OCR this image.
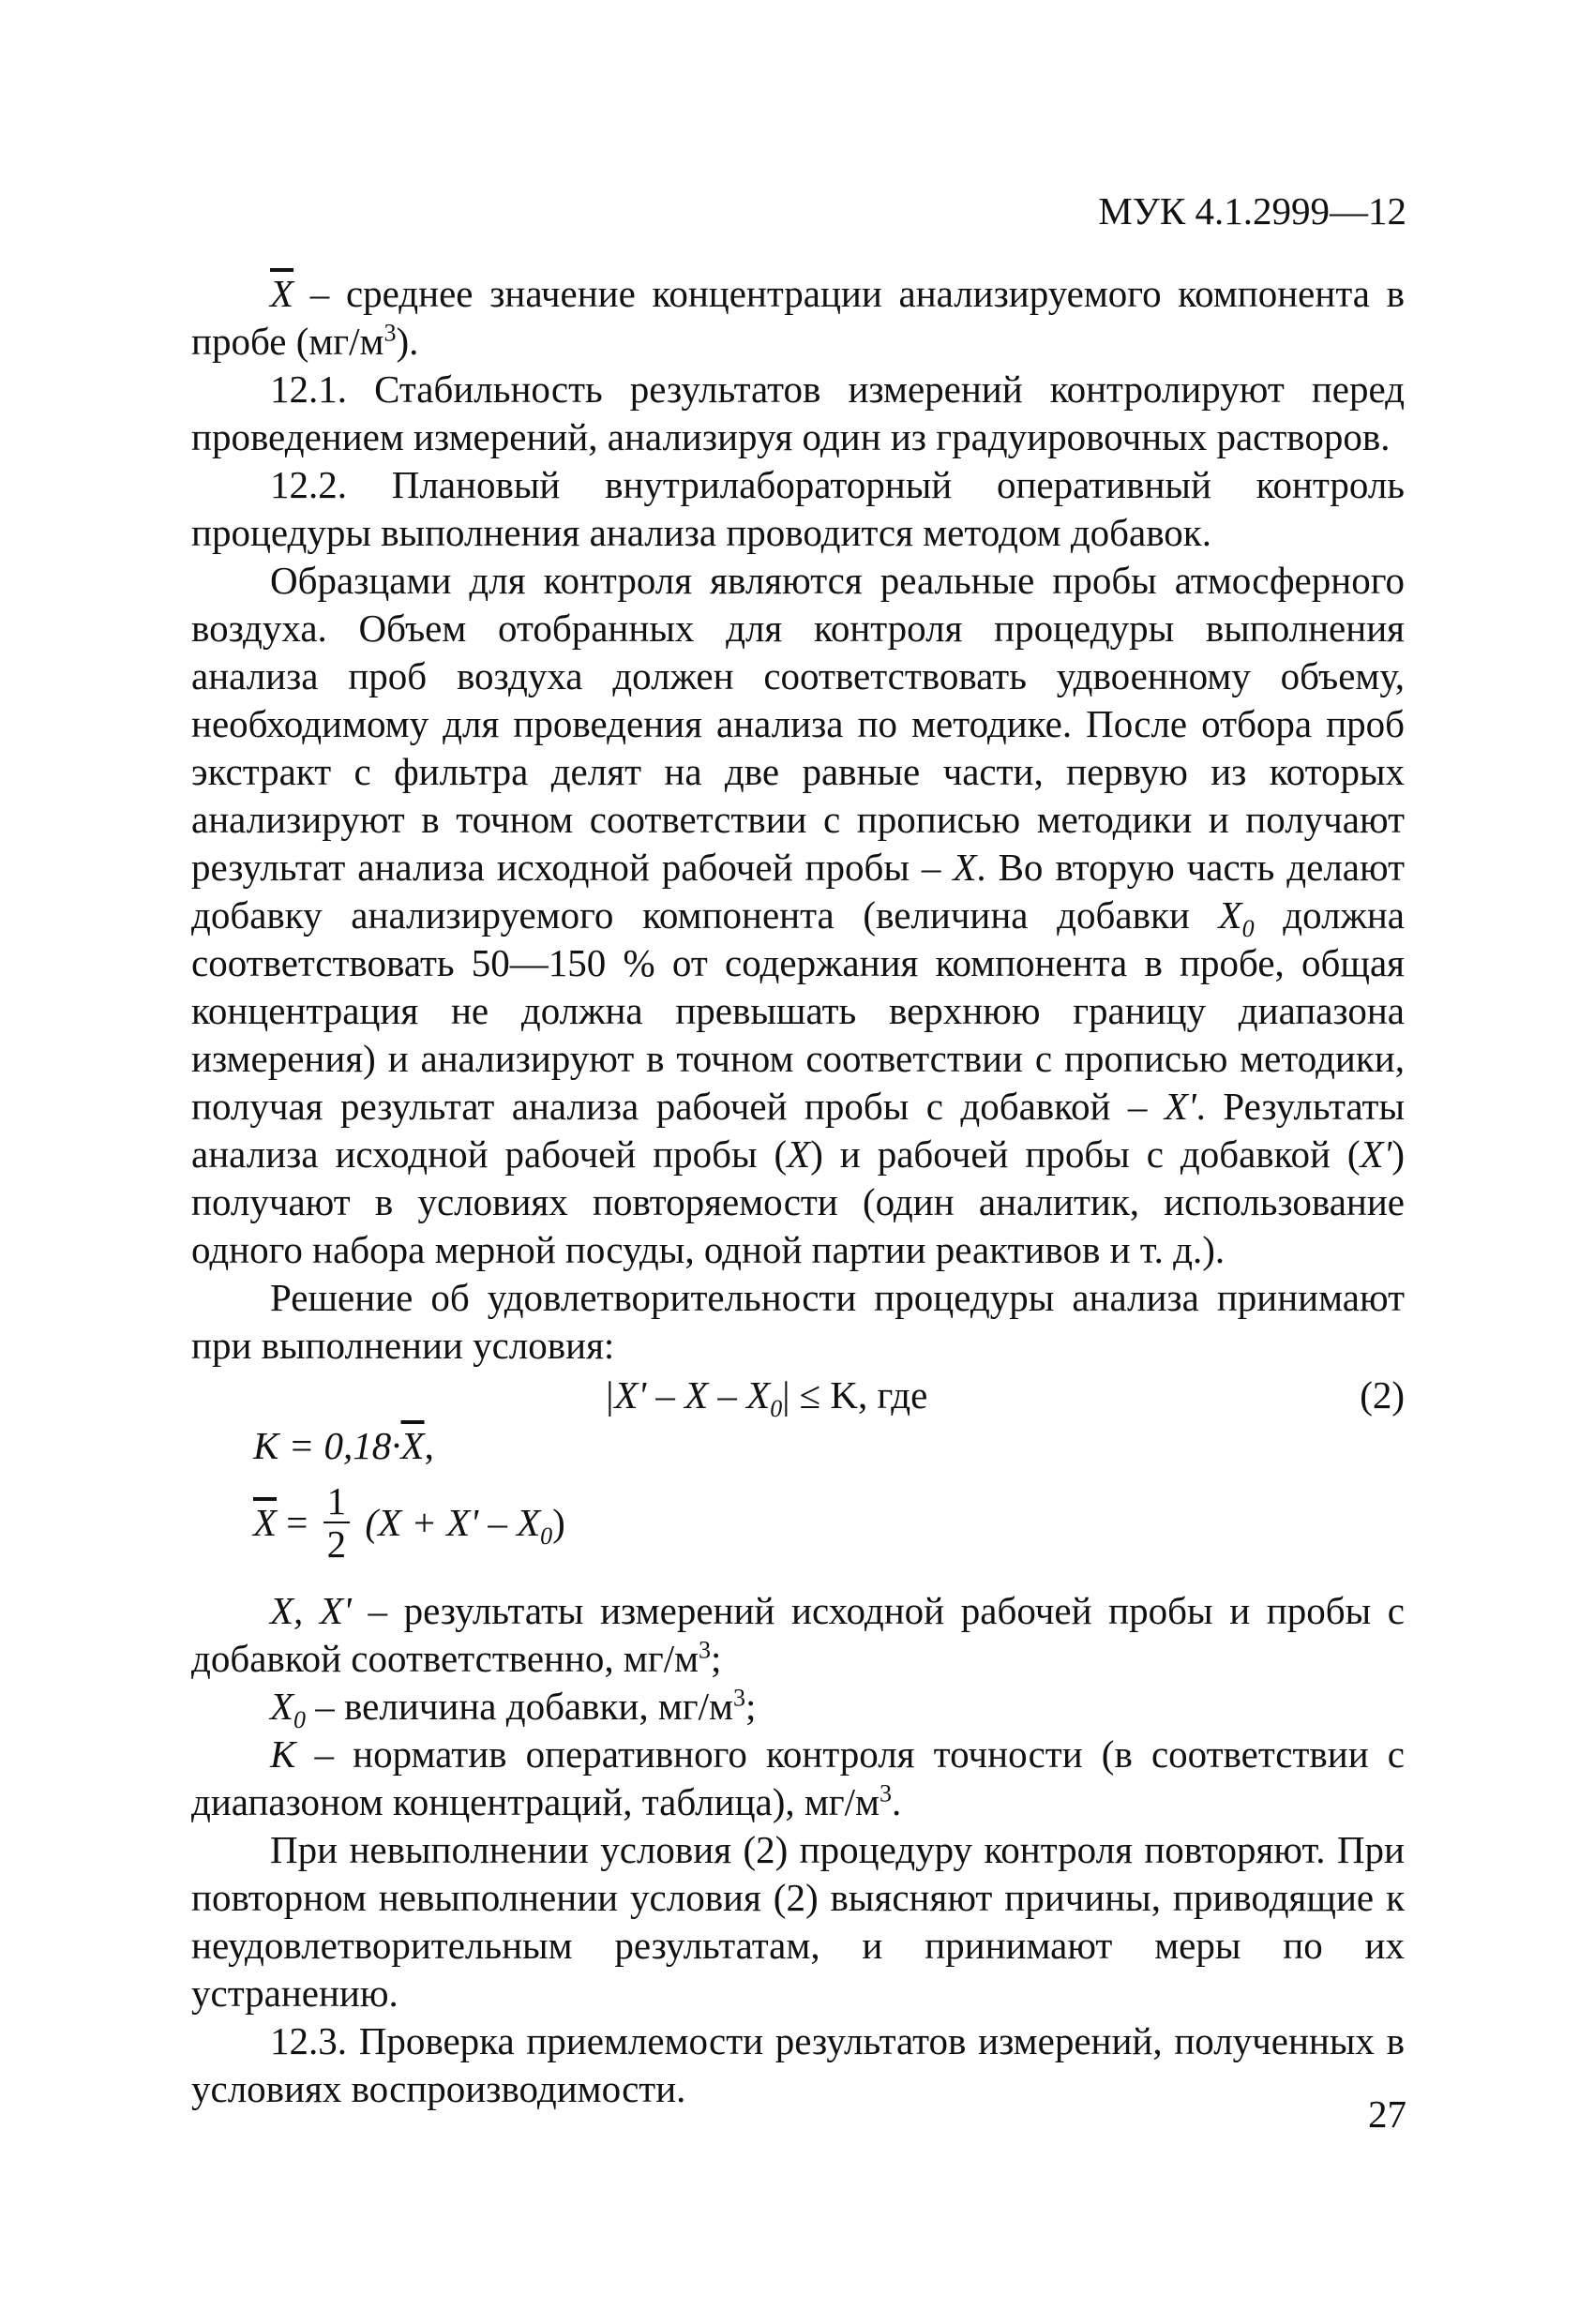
МУК 4.1.2999—12

$\overline{X}$ – среднее значение концентрации анализируемого компонента в пробе $(мг/м^3)$.

12.1. Стабильность результатов измерений контролируют перед проведением измерений, анализируя один из градуировочных растворов.

12.2. Плановый внутрилабораторный оперативный контроль процедуры выполнения анализа проводится методом добавок.

Образцами для контроля являются реальные пробы атмосферного воздуха. Объем отобранных для контроля процедуры выполнения анализа проб воздуха должен соответствовать удвоенному объему, необходимому для проведения анализа по методике. После отбора проб экстракт с фильтра делят на две равные части, первую из которых анализируют в точном соответствии с прописью методики и получают результат анализа исходной рабочей пробы – X. Во вторую часть делают добавку анализируемого компонента (величина добавки $X_0$ должна соответствовать 50—150 % от содержания компонента в пробе, общая концентрация не должна превышать верхнюю границу диапазона измерения) и анализируют в точном соответствии с прописью методики, получая результат анализа рабочей пробы с добавкой – X'. Результаты анализа исходной рабочей пробы (X) и рабочей пробы с добавкой (X') получают в условиях повторяемости (один аналитик, использование одного набора мерной посуды, одной партии реактивов и т. д.).

Решение об удовлетворительности процедуры анализа принимают при выполнении условия:

$|X' - X - X_0| \le K$, где	(2)
$K = 0,18\cdot\overline{X}$,
$\overline{X} = \frac{1}{2} (X + X' - X_0)$

X, X' – результаты измерений исходной рабочей пробы и пробы с добавкой соответственно, $мг/м^3$;

$X_0$ – величина добавки, $мг/м^3$;

K – норматив оперативного контроля точности (в соответствии с диапазоном концентраций, таблица), $мг/м^3$.

При невыполнении условия (2) процедуру контроля повторяют. При повторном невыполнении условия (2) выясняют причины, приводящие к неудовлетворительным результатам, и принимают меры по их устранению.

12.3. Проверка приемлемости результатов измерений, полученных в условиях воспроизводимости.

27
